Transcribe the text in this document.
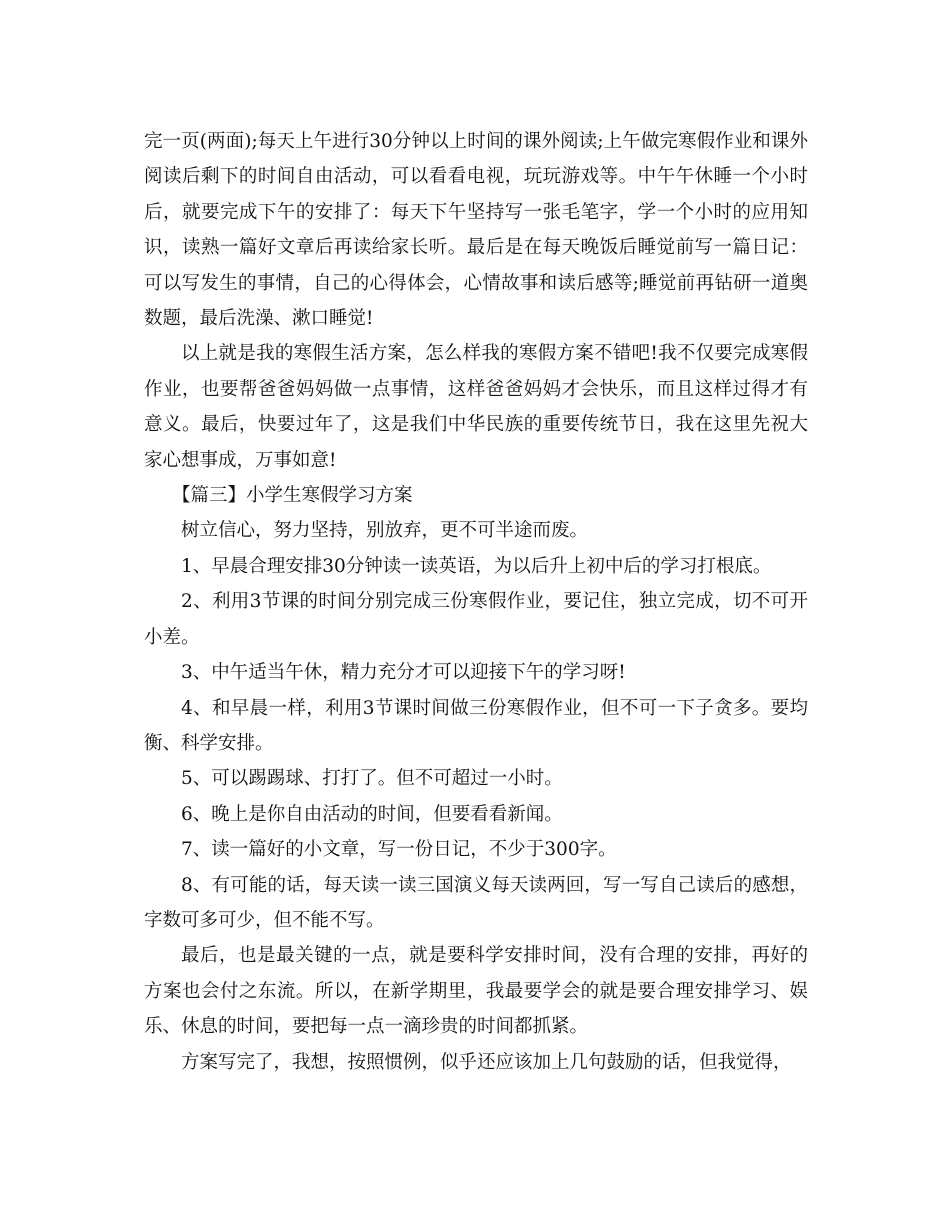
完一页(两面);每天上午进行30分钟以上时间的课外阅读;上午做完寒假作业和课外阅读后剩下的时间自由活动，可以看看电视，玩玩游戏等。中午午休睡一个小时后，就要完成下午的安排了：每天下午坚持写一张毛笔字，学一个小时的应用知识，读熟一篇好文章后再读给家长听。最后是在每天晚饭后睡觉前写一篇日记：可以写发生的事情，自己的心得体会，心情故事和读后感等;睡觉前再钻研一道奥数题，最后洗澡、漱口睡觉!

以上就是我的寒假生活方案，怎么样我的寒假方案不错吧!我不仅要完成寒假作业，也要帮爸爸妈妈做一点事情，这样爸爸妈妈才会快乐，而且这样过得才有意义。最后，快要过年了，这是我们中华民族的重要传统节日，我在这里先祝大家心想事成，万事如意!

【篇三】小学生寒假学习方案

树立信心，努力坚持，别放弃，更不可半途而废。

1、早晨合理安排30分钟读一读英语，为以后升上初中后的学习打根底。

2、利用3节课的时间分别完成三份寒假作业，要记住，独立完成，切不可开小差。

3、中午适当午休，精力充分才可以迎接下午的学习呀!

4、和早晨一样，利用3节课时间做三份寒假作业，但不可一下子贪多。要均衡、科学安排。

5、可以踢踢球、打打了。但不可超过一小时。

6、晚上是你自由活动的时间，但要看看新闻。

7、读一篇好的小文章，写一份日记，不少于300字。

8、有可能的话，每天读一读三国演义每天读两回，写一写自己读后的感想，字数可多可少，但不能不写。

最后，也是最关键的一点，就是要科学安排时间，没有合理的安排，再好的方案也会付之东流。所以，在新学期里，我最要学会的就是要合理安排学习、娱乐、休息的时间，要把每一点一滴珍贵的时间都抓紧。

方案写完了，我想，按照惯例，似乎还应该加上几句鼓励的话，但我觉得，
